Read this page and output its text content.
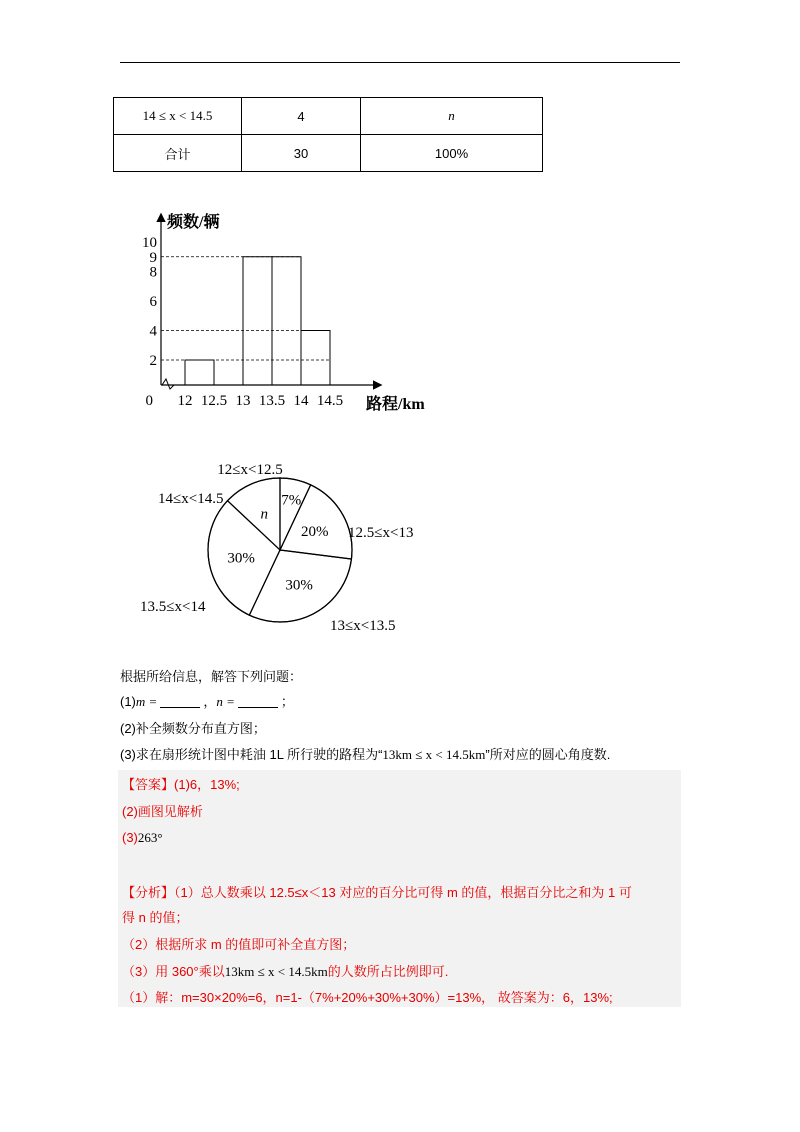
14 ≤ x < 14.5	4	n
合计	30	100%
2
4
6
8
9
10
0 12 12.5 13 13.5 14 14.5
频数/辆
路程/km
7%
12≤x<12.5
20% 12.5≤x<13
30%
13≤x<13.5
30%
13.5≤x<14
n
14≤x<14.5
根据所给信息，解答下列问题：
(1)m =	，n =	；
(2)补全频数分布直方图；
(3)求在扇形统计图中耗油 1L 所行驶的路程为“13km ≤ x < 14.5km”所对应的圆心角度数.
【答案】(1)6，13%;
(2)画图见解析
(3)263°
【分析】（1）总人数乘以 12.5≤x＜13 对应的百分比可得 m 的值，根据百分比之和为 1 可
得 n 的值；
（2）根据所求 m 的值即可补全直方图；
（3）用 360°乘以13km ≤ x < 14.5km的人数所占比例即可.
（1）解：m=30×20%=6，n=1-（7%+20%+30%+30%）=13%， 故答案为：6，13%;
